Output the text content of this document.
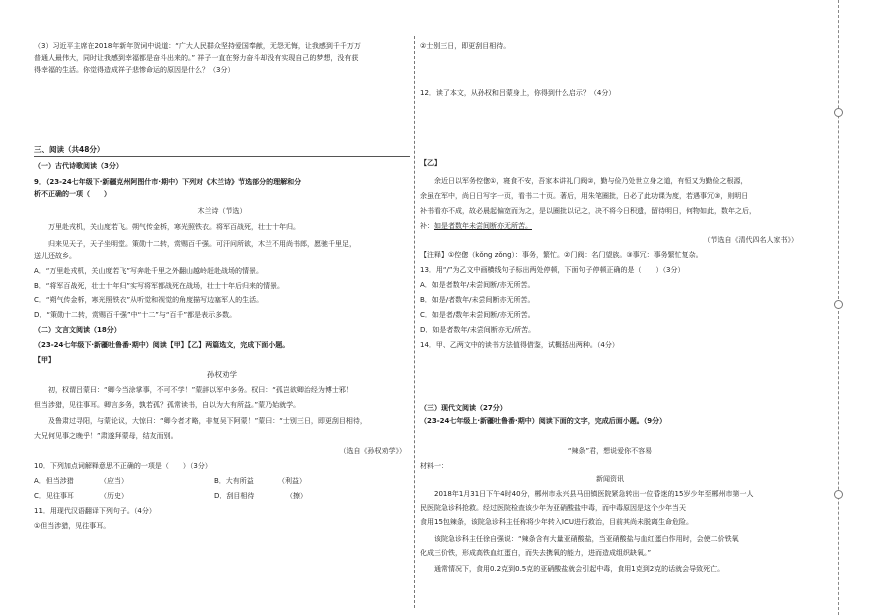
（3）习近平主席在2018年新年贺词中说道：“广大人民群众坚持爱国奉献，无怨无悔，让我感到千千万万
普通人最伟大，同时让我感到幸福都是奋斗出来的。” 祥子一直在努力奋斗却没有实现自己的梦想，没有获
得幸福的生活。你觉得造成祥子悲惨命运的原因是什么？（3分）
三、阅读（共48分）
（一）古代诗歌阅读（3分）
9．（23-24七年级下·新疆克州阿图什市·期中）下列对《木兰诗》节选部分的理解和分
析不正确的一项（　　）
木兰诗（节选）
万里赴戎机，关山度若飞。朔气传金柝，寒光照铁衣。将军百战死，壮士十年归。
归来见天子，天子坐明堂。策勋十二转，赏赐百千强。可汗问所欲，木兰不用尚书郎，愿驰千里足，
送儿还故乡。
A．“万里赴戎机，关山度若飞”写奔赴千里之外翻山越岭赶赴战场的情景。
B．“将军百战死，壮士十年归”实写将军都战死在战场，壮士十年后归来的情景。
C．“朔气传金柝，寒光照铁衣”从听觉和视觉的角度描写边塞军人的生活。
D．“策勋十二转，赏赐百千强”中“十二”与“百千”都是表示多数。
（二）文言文阅读（18分）
（23-24七年级下·新疆吐鲁番·期中）阅读【甲】【乙】两篇选文，完成下面小题。
【甲】
孙权劝学
初，权谓吕蒙曰：“卿今当涂掌事，不可不学！”蒙辞以军中多务。权曰：“孤岂欲卿治经为博士邪！
但当涉猎，见往事耳。卿言多务，孰若孤？孤常读书，自以为大有所益。”蒙乃始就学。
及鲁肃过寻阳，与蒙论议，大惊曰：“卿今者才略，非复吴下阿蒙！”蒙曰：“士别三日，即更刮目相待，
大兄何见事之晚乎！”肃遂拜蒙母，结友而别。
（选自《孙权劝学》）
10．下列加点词解释意思不正确的一项是（　　）（3分）
A．但当涉猎	（应当）	B．大有所益	（利益）
C．见往事耳	（历史）	D．刮目相待	（擦）
11．用现代汉语翻译下列句子。（4分）
①但当涉猎，见往事耳。
②士别三日，即更刮目相待。
12．读了本文，从孙权和吕蒙身上，你得到什么启示？（4分）
【乙】
余近日以军务倥偬①，寝食不安，吾家本讲礼门阀②，勤与俭乃处世立身之道，有恒又为勤俭之根源，
余虽在军中，尚日日写字一页，看书二十页。著后，用朱笔圈批，日必了此功课为度，若遇事冗③，则明日
补书看亦不成，故必晨起偏宽而为之，是以圈批以记之，决不将今日积遗，留待明日，何物如此，数年之后，
补：如是者数年未尝间断亦无所苦。
（节选自《清代四名人家书》）
【注释】①倥偬（kǒng zǒng）：事务，繁忙。②门阀：名门望族。③事冗：事务繁忙复杂。
13．用“/”为乙文中画横线句子标出两处停顿，下面句子停顿正确的是（　　）（3分）
A．如是者数年/未尝间断/亦无所苦。
B．如是/者数年/未尝间断亦无所苦。
C．如是者/数年未尝间断/亦无所苦。
D．如是者数年/未尝间断亦无/所苦。
14．甲、乙两文中的读书方法值得借鉴，试概括出两种。（4分）
（三）现代文阅读（27分）
（23-24七年级上·新疆吐鲁番·期中）阅读下面的文字，完成后面小题。（9分）
“辣条”君，想说爱你不容易
材料一：
新闻资讯
2018年1月31日下午4时40分，郴州市永兴县马田镇医院紧急转出一位昏迷的15岁少年至郴州市第一人
民医院急诊科抢救。经过医院检查该少年为亚硝酸盐中毒，而中毒原因是这个少年当天
食用15包辣条，该院急诊科主任称将少年转入ICU进行救治，目前其尚未脱离生命危险。
该院急诊科主任徐自强说：“辣条含有大量亚硝酸盐，当亚硝酸盐与血红蛋白作用时，会使二价铁氧
化成三价铁，形成高铁血红蛋白，而失去携氧的能力，进而造成组织缺氧。”
通常情况下，食用0.2克到0.5克的亚硝酸盐就会引起中毒，食用1克到2克的话就会导致死亡。
